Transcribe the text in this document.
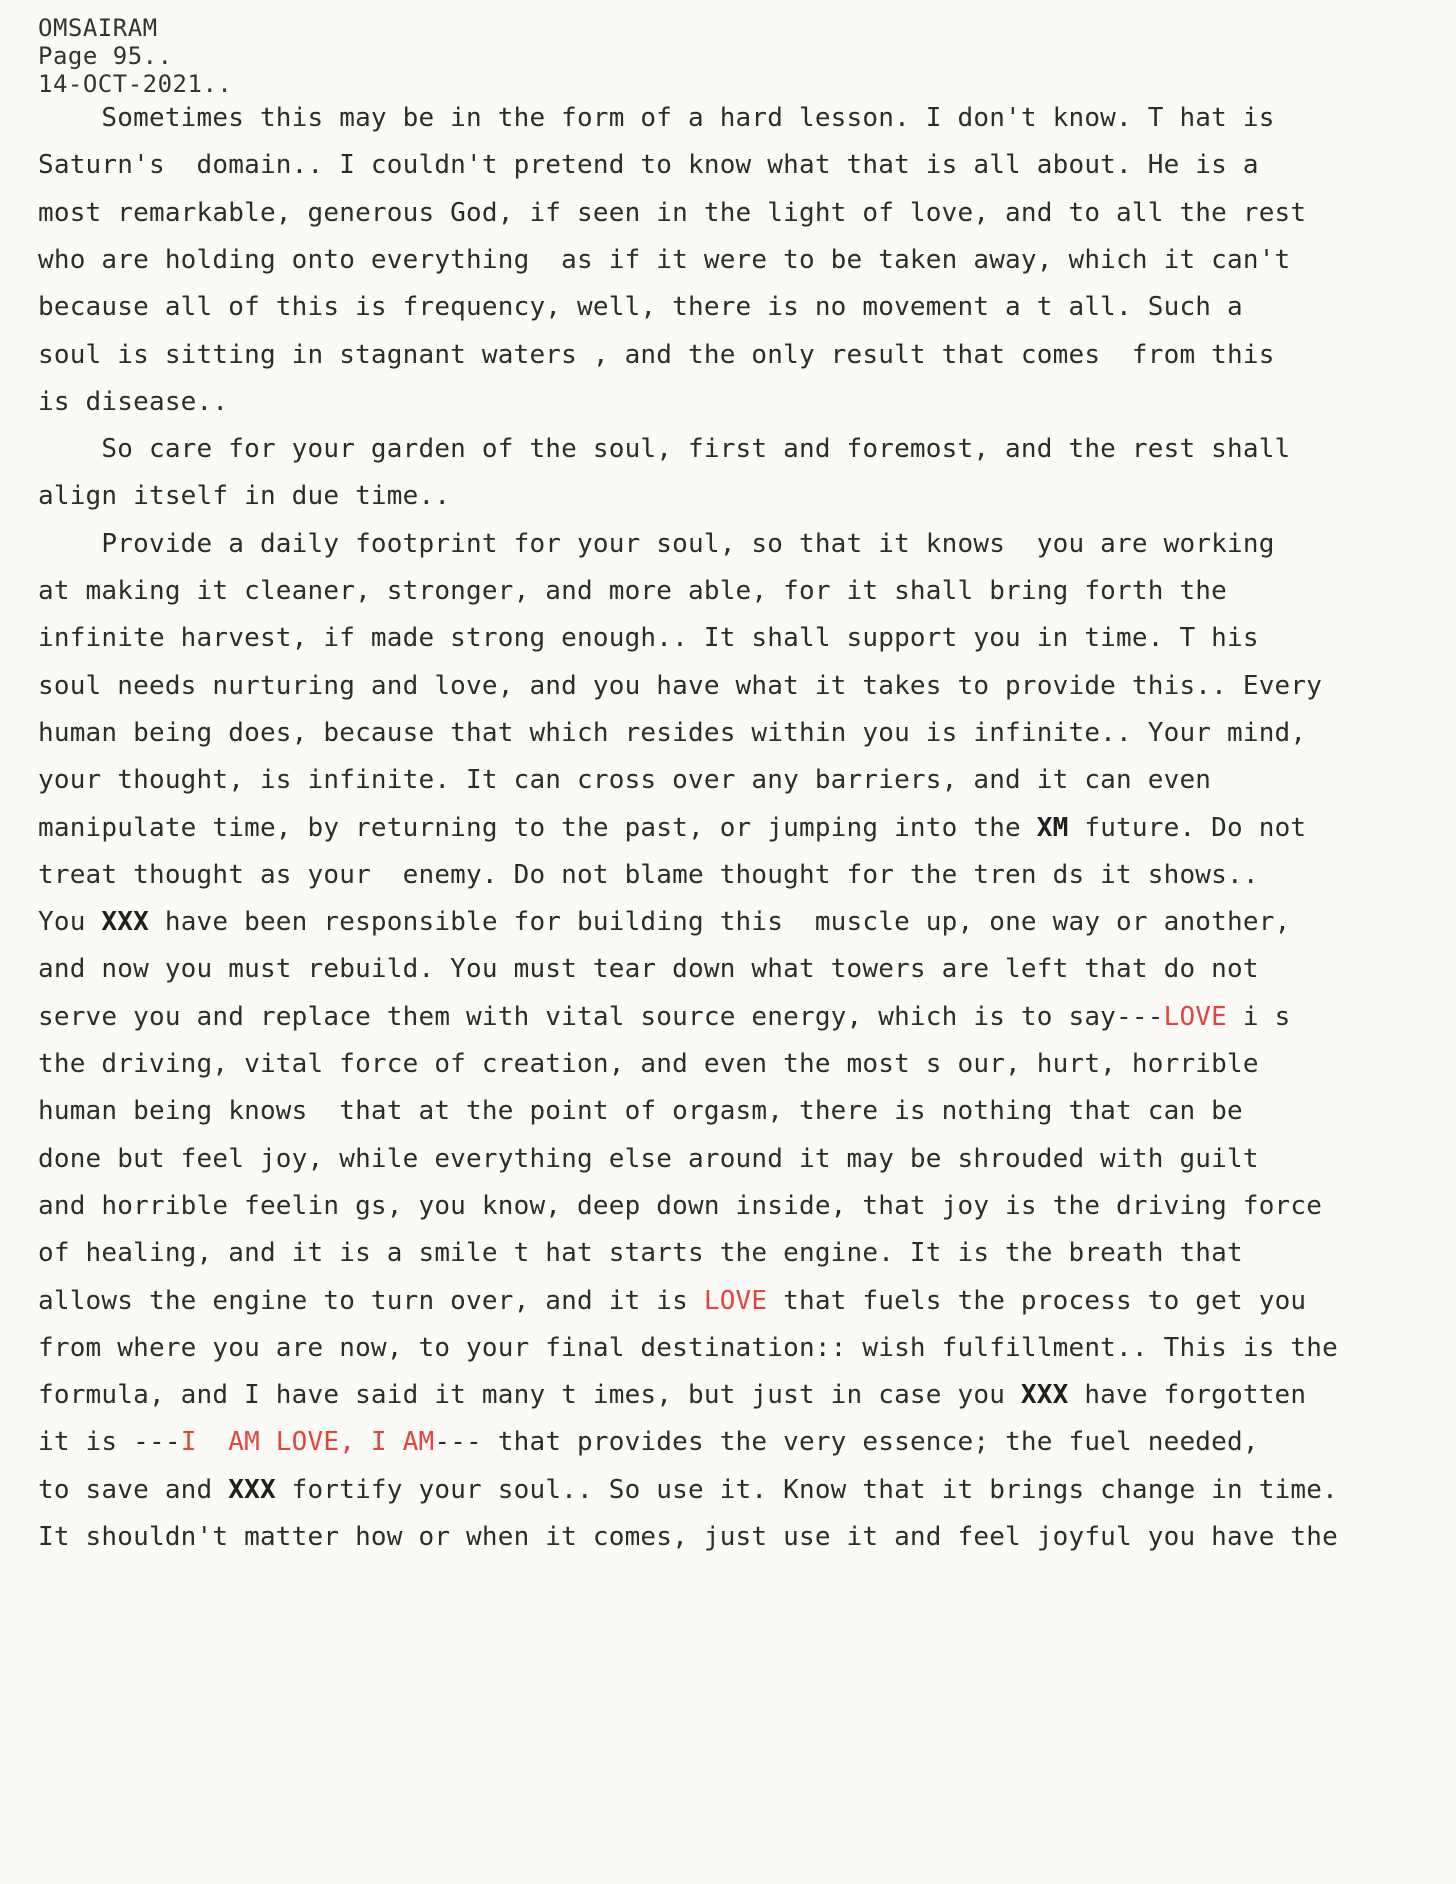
OMSAIRAM
Page 95..
14-OCT-2021..
Sometimes this may be in the form of a hard lesson. I don't know. T hat is
Saturn's  domain.. I couldn't pretend to know what that is all about. He is a
most remarkable, generous God, if seen in the light of love, and to all the rest
who are holding onto everything  as if it were to be taken away, which it can't
because all of this is frequency, well, there is no movement a t all. Such a
soul is sitting in stagnant waters , and the only result that comes  from this
is disease..
So care for your garden of the soul, first and foremost, and the rest shall
align itself in due time..
Provide a daily footprint for your soul, so that it knows  you are working
at making it cleaner, stronger, and more able, for it shall bring forth the
infinite harvest, if made strong enough.. It shall support you in time. T his
soul needs nurturing and love, and you have what it takes to provide this.. Every
human being does, because that which resides within you is infinite.. Your mind,
your thought, is infinite. It can cross over any barriers, and it can even
manipulate time, by returning to the past, or jumping into the XM future. Do not
treat thought as your  enemy. Do not blame thought for the tren ds it shows..
You XXX have been responsible for building this  muscle up, one way or another,
and now you must rebuild. You must tear down what towers are left that do not
serve you and replace them with vital source energy, which is to say---LOVE i s
the driving, vital force of creation, and even the most s our, hurt, horrible
human being knows  that at the point of orgasm, there is nothing that can be
done but feel joy, while everything else around it may be shrouded with guilt
and horrible feelin gs, you know, deep down inside, that joy is the driving force
of healing, and it is a smile t hat starts the engine. It is the breath that
allows the engine to turn over, and it is LOVE that fuels the process to get you
from where you are now, to your final destination:: wish fulfillment.. This is the
formula, and I have said it many t imes, but just in case you XXX have forgotten
it is ---I  AM LOVE, I AM--- that provides the very essence; the fuel needed,
to save and XXX fortify your soul.. So use it. Know that it brings change in time.
It shouldn't matter how or when it comes, just use it and feel joyful you have the
